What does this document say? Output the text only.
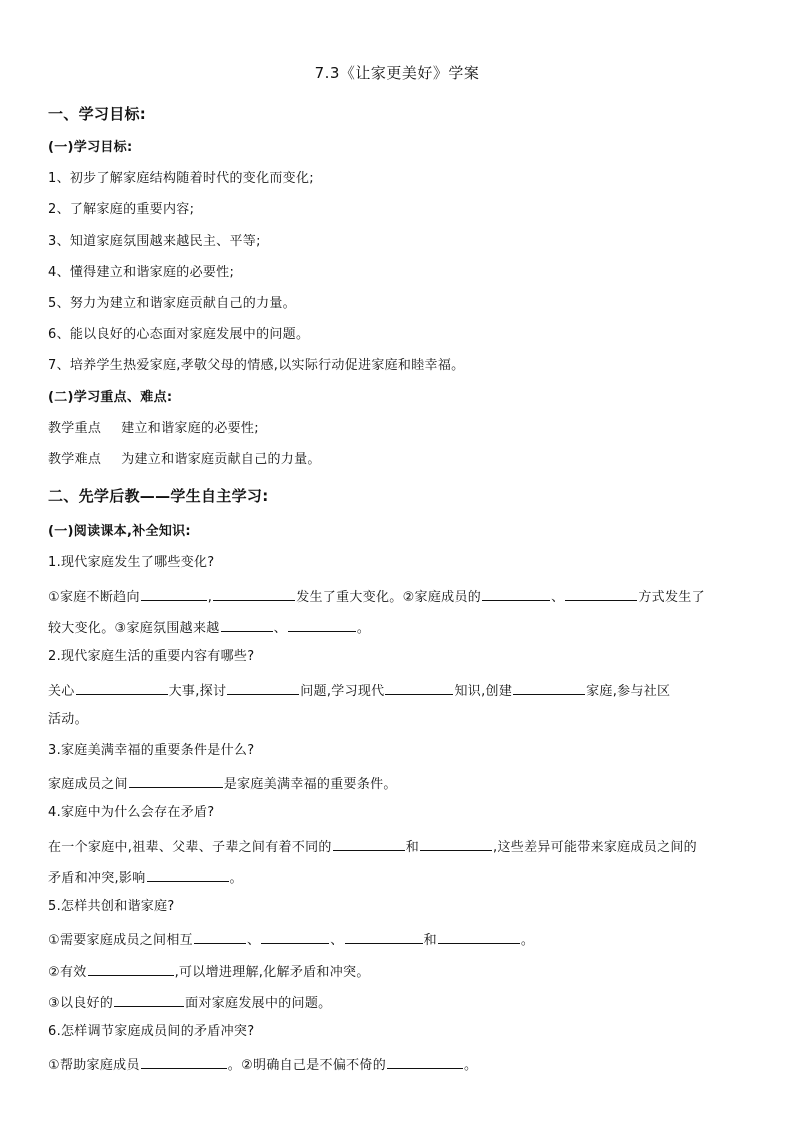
7.3《让家更美好》学案
一、学习目标:
(一)学习目标:
1、初步了解家庭结构随着时代的变化而变化;
2、了解家庭的重要内容;
3、知道家庭氛围越来越民主、平等;
4、懂得建立和谐家庭的必要性;
5、努力为建立和谐家庭贡献自己的力量。
6、能以良好的心态面对家庭发展中的问题。
7、培养学生热爱家庭,孝敬父母的情感,以实际行动促进家庭和睦幸福。
(二)学习重点、难点:
教学重点 建立和谐家庭的必要性;
教学难点 为建立和谐家庭贡献自己的力量。
二、先学后教——学生自主学习:
(一)阅读课本,补全知识:
1.现代家庭发生了哪些变化?
①家庭不断趋向	,	发生了重大变化。②家庭成员的	、	方式发生了
较大变化。③家庭氛围越来越	、	。
2.现代家庭生活的重要内容有哪些?
关心	大事,探讨	问题,学习现代	知识,创建	家庭,参与社区
活动。
3.家庭美满幸福的重要条件是什么?
家庭成员之间	是家庭美满幸福的重要条件。
4.家庭中为什么会存在矛盾?
在一个家庭中,祖辈、父辈、子辈之间有着不同的	和	,这些差异可能带来家庭成员之间的
矛盾和冲突,影响	。
5.怎样共创和谐家庭?
①需要家庭成员之间相互	、	、	和	。
②有效	,可以增进理解,化解矛盾和冲突。
③以良好的	面对家庭发展中的问题。
6.怎样调节家庭成员间的矛盾冲突?
①帮助家庭成员	。②明确自己是不偏不倚的	。
